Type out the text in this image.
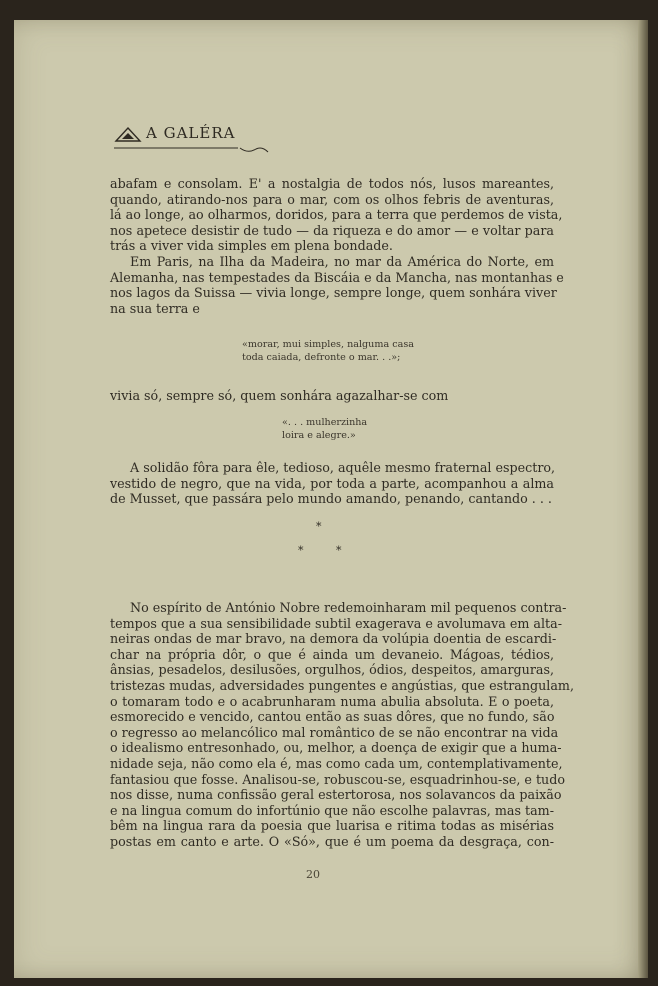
A GALÉRA
abafam e consolam. E' a nostalgia de todos nós, lusos mareantes,
quando, atirando-nos para o mar, com os olhos febris de aventuras,
lá ao longe, ao olharmos, doridos, para a terra que perdemos de vista,
nos apetece desistir de tudo — da riqueza e do amor — e voltar para
trás a viver vida simples em plena bondade.
Em Paris, na Ilha da Madeira, no mar da América do Norte, em
Alemanha, nas tempestades da Biscáia e da Mancha, nas montanhas e
nos lagos da Suissa — vivia longe, sempre longe, quem sonhára viver
na sua terra e
«morar, mui simples, nalguma casa
toda caiada, defronte o mar. . .»;
vivia só, sempre só, quem sonhára agazalhar-se com
«. . . mulherzinha
loira e alegre.»
A solidão fôra para êle, tedioso, aquêle mesmo fraternal espectro,
vestido de negro, que na vida, por toda a parte, acompanhou a alma
de Musset, que passára pelo mundo amando, penando, cantando . . .
*
*	*
No espírito de António Nobre redemoinharam mil pequenos contra-
tempos que a sua sensibilidade subtil exagerava e avolumava em alta-
neiras ondas de mar bravo, na demora da volúpia doentia de escardi-
char na própria dôr, o que é ainda um devaneio. Mágoas, tédios,
ânsias, pesadelos, desilusões, orgulhos, ódios, despeitos, amarguras,
tristezas mudas, adversidades pungentes e angústias, que estrangulam,
o tomaram todo e o acabrunharam numa abulia absoluta. E o poeta,
esmorecido e vencido, cantou então as suas dôres, que no fundo, são
o regresso ao melancólico mal romântico de se não encontrar na vida
o idealismo entresonhado, ou, melhor, a doença de exigir que a huma-
nidade seja, não como ela é, mas como cada um, contemplativamente,
fantasiou que fosse. Analisou-se, robuscou-se, esquadrinhou-se, e tudo
nos disse, numa confissão geral estertorosa, nos solavancos da paixão
e na lingua comum do infortúnio que não escolhe palavras, mas tam-
bêm na lingua rara da poesia que luarisa e ritima todas as misérias
postas em canto e arte. O «Só», que é um poema da desgraça, con-
20
